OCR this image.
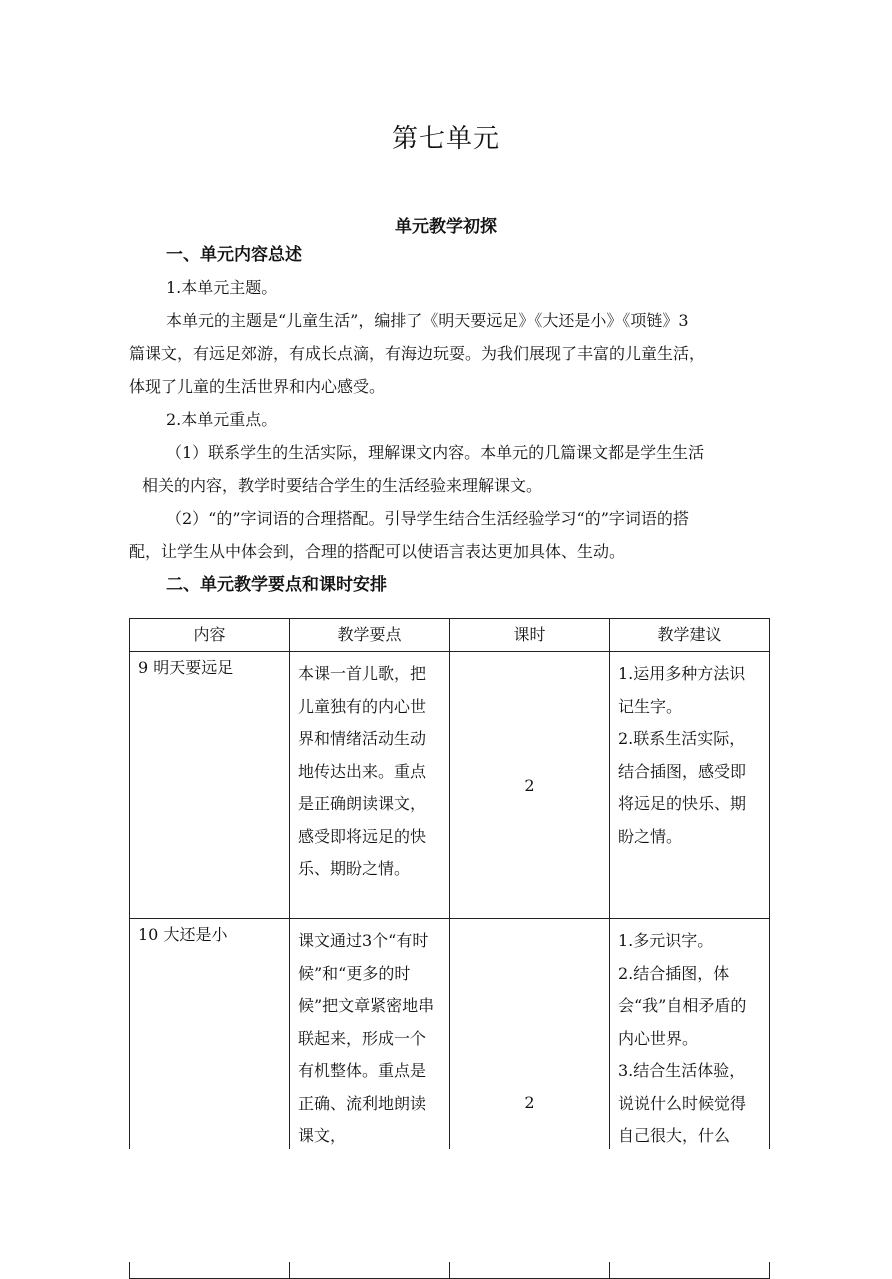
第七单元
单元教学初探
一、单元内容总述
1.本单元主题。
本单元的主题是“儿童生活”，编排了《明天要远足》《大还是小》《项链》3
篇课文，有远足郊游，有成长点滴，有海边玩耍。为我们展现了丰富的儿童生活，
体现了儿童的生活世界和内心感受。
2.本单元重点。
（1）联系学生的生活实际，理解课文内容。本单元的几篇课文都是学生生活
相关的内容，教学时要结合学生的生活经验来理解课文。
（2）“的”字词语的合理搭配。引导学生结合生活经验学习“的”字词语的搭
配，让学生从中体会到，合理的搭配可以使语言表达更加具体、生动。
二、单元教学要点和课时安排
内容	教学要点	课时	教学建议

9 明天要远足	本课一首儿歌，把儿童独有的内心世界和情绪活动生动地传达出来。重点是正确朗读课文，感受即将远足的快乐、期盼之情。	2	1.运用多种方法识记生字。
2.联系生活实际，结合插图，感受即将远足的快乐、期盼之情。

10 大还是小	课文通过3个“有时候”和“更多的时候”把文章紧密地串联起来，形成一个有机整体。重点是正确、流利地朗读课文，	2	1.多元识字。
2.结合插图，体会“我”自相矛盾的内心世界。
3.结合生活体验，说说什么时候觉得自己很大，什么
